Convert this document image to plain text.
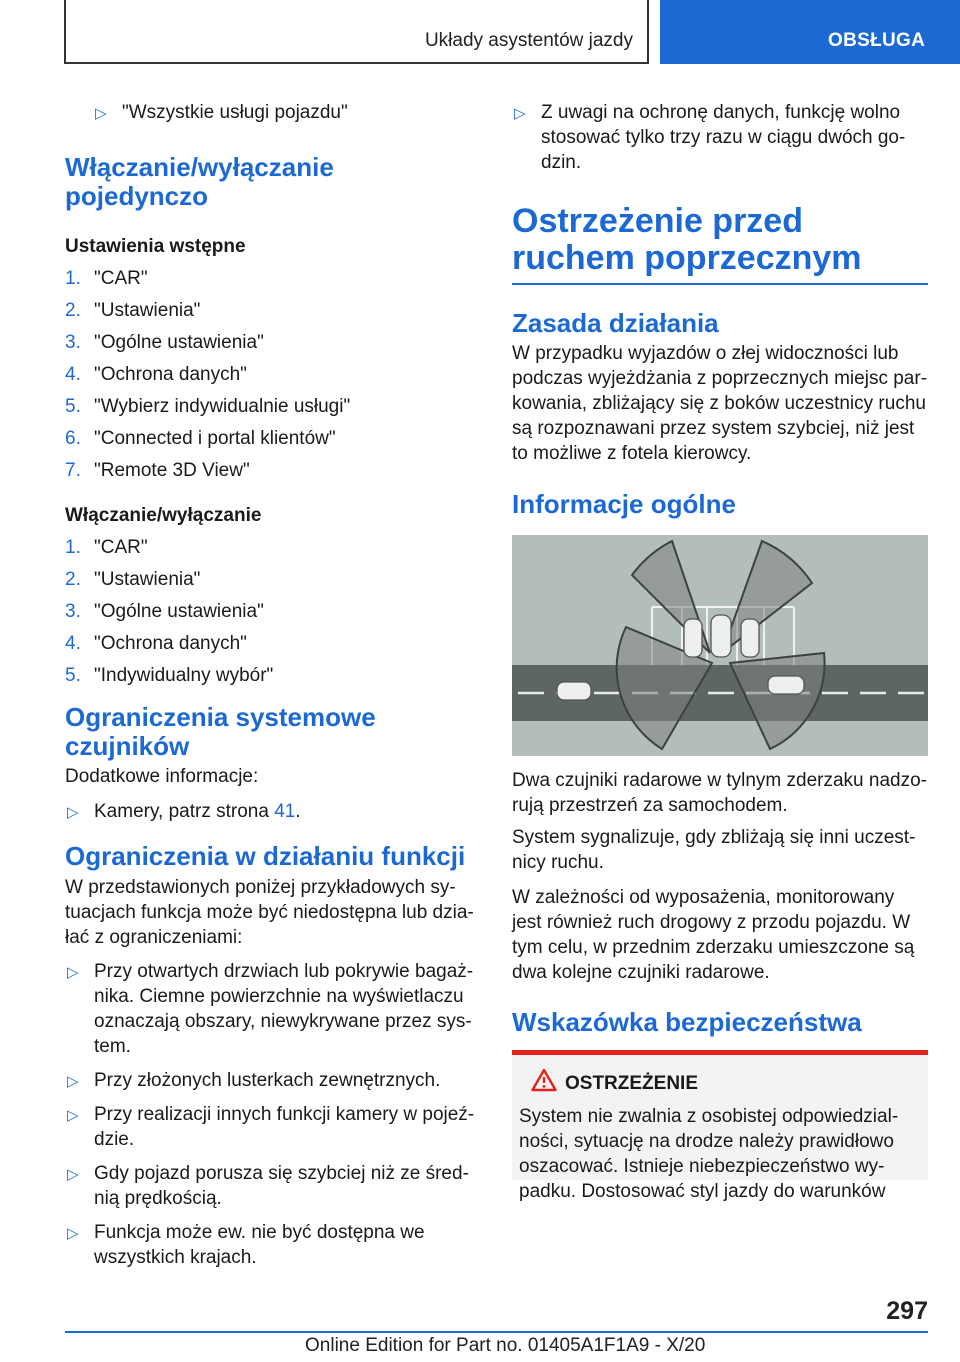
Układy asystentów jazdy	OBSŁUGA

▷ "Wszystkie usługi pojazdu"

Włączanie/wyłączanie pojedynczo
Ustawienia wstępne

1. "CAR"

2. "Ustawienia"

3. "Ogólne ustawienia"

4. "Ochrona danych"

5. "Wybierz indywidualnie usługi"

6. "Connected i portal klientów"

7. "Remote 3D View"

Włączanie/wyłączanie

1. "CAR"

2. "Ustawienia"

3. "Ogólne ustawienia"

4. "Ochrona danych"

5. "Indywidualny wybór"

Ograniczenia systemowe czujników

Dodatkowe informacje:

▷ Kamery, patrz strona 41.

Ograniczenia w działaniu funkcji

W przedstawionych poniżej przykładowych sytuacjach funkcja może być niedostępna lub działać z ograniczeniami:

▷ Przy otwartych drzwiach lub pokrywie bagażnika. Ciemne powierzchnie na wyświetlaczu oznaczają obszary, niewykrywane przez system.

▷ Przy złożonych lusterkach zewnętrznych.

▷ Przy realizacji innych funkcji kamery w pojeździe.

▷ Gdy pojazd porusza się szybciej niż ze średnią prędkością.

▷ Funkcja może ew. nie być dostępna we wszystkich krajach.

▷ Z uwagi na ochronę danych, funkcję wolno stosować tylko trzy razu w ciągu dwóch godzin.

Ostrzeżenie przed ruchem poprzecznym
Zasada działania

W przypadku wyjazdów o złej widoczności lub podczas wyjeżdżania z poprzecznych miejsc parkowania, zbliżający się z boków uczestnicy ruchu są rozpoznawani przez system szybciej, niż jest to możliwe z fotela kierowcy.

Informacje ogólne

Dwa czujniki radarowe w tylnym zderzaku nadzorują przestrzeń za samochodem.

System sygnalizuje, gdy zbliżają się inni uczestnicy ruchu.

W zależności od wyposażenia, monitorowany jest również ruch drogowy z przodu pojazdu. W tym celu, w przednim zderzaku umieszczone są dwa kolejne czujniki radarowe.

Wskazówka bezpieczeństwa
OSTRZEŻENIE

System nie zwalnia z osobistej odpowiedzialności, sytuację na drodze należy prawidłowo oszacować. Istnieje niebezpieczeństwo wypadku. Dostosować styl jazdy do warunków

297
Online Edition for Part no. 01405A1F1A9 - X/20
